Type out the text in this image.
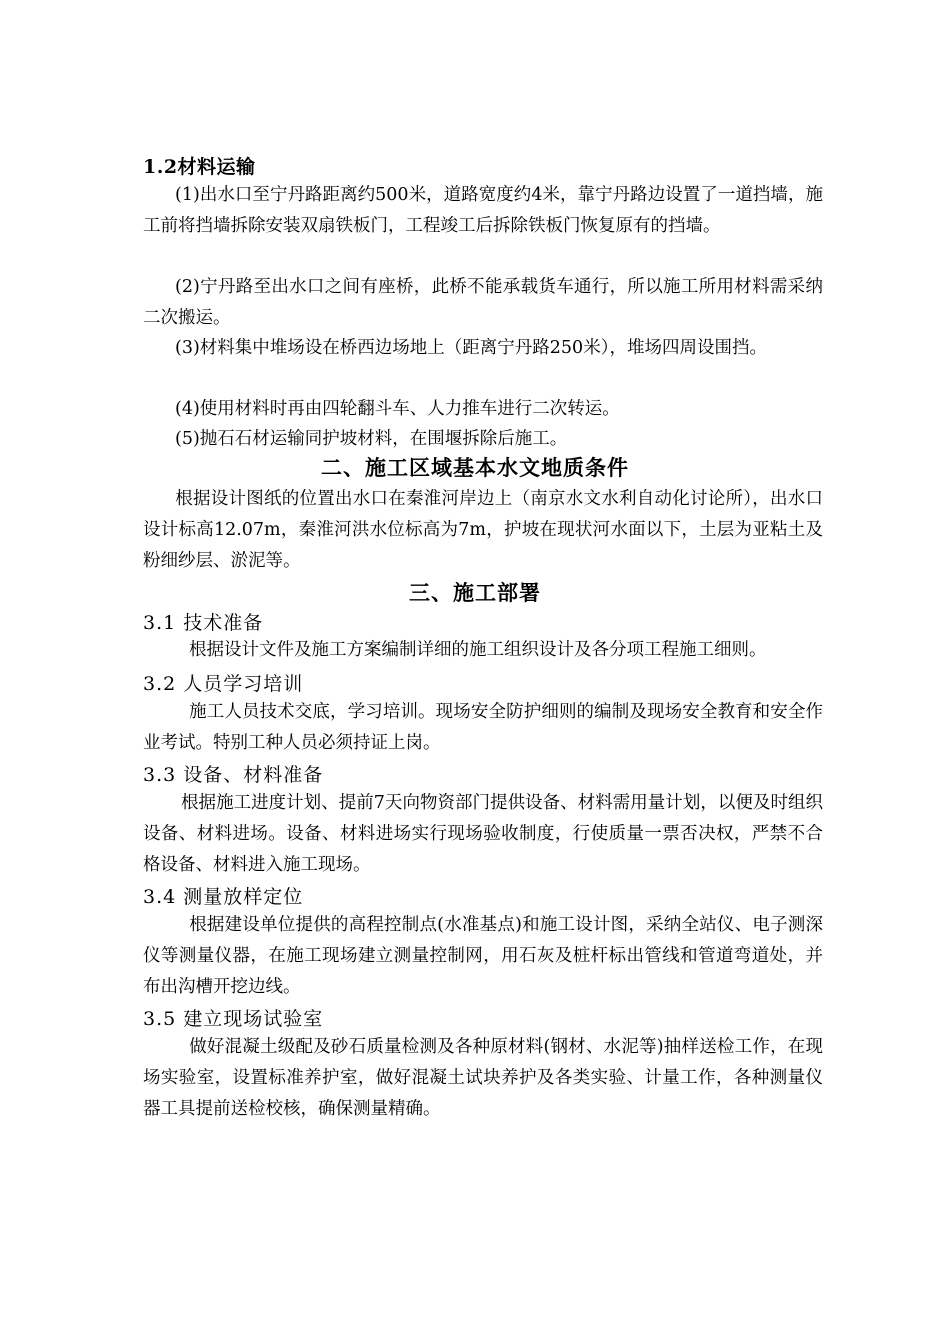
1.2材料运输
(1)出水口至宁丹路距离约500米，道路宽度约4米，靠宁丹路边设置了一道挡墙，施工前将挡墙拆除安装双扇铁板门，工程竣工后拆除铁板门恢复原有的挡墙。
(2)宁丹路至出水口之间有座桥，此桥不能承载货车通行，所以施工所用材料需采纳二次搬运。
(3)材料集中堆场设在桥西边场地上（距离宁丹路250米），堆场四周设围挡。
(4)使用材料时再由四轮翻斗车、人力推车进行二次转运。
(5)抛石石材运输同护坡材料，在围堰拆除后施工。
二、施工区域基本水文地质条件
根据设计图纸的位置出水口在秦淮河岸边上（南京水文水利自动化讨论所），出水口设计标高12.07m，秦淮河洪水位标高为7m，护坡在现状河水面以下，土层为亚粘土及粉细纱层、淤泥等。
三、施工部署
3.1 技术准备
根据设计文件及施工方案编制详细的施工组织设计及各分项工程施工细则。
3.2 人员学习培训
施工人员技术交底，学习培训。现场安全防护细则的编制及现场安全教育和安全作业考试。特别工种人员必须持证上岗。
3.3 设备、材料准备
根据施工进度计划、提前7天向物资部门提供设备、材料需用量计划，以便及时组织设备、材料进场。设备、材料进场实行现场验收制度，行使质量一票否决权，严禁不合格设备、材料进入施工现场。
3.4 测量放样定位
根据建设单位提供的高程控制点(水准基点)和施工设计图，采纳全站仪、电子测深仪等测量仪器，在施工现场建立测量控制网，用石灰及桩杆标出管线和管道弯道处，并布出沟槽开挖边线。
3.5 建立现场试验室
做好混凝土级配及砂石质量检测及各种原材料(钢材、水泥等)抽样送检工作，在现场实验室，设置标准养护室，做好混凝土试块养护及各类实验、计量工作，各种测量仪器工具提前送检校核，确保测量精确。
